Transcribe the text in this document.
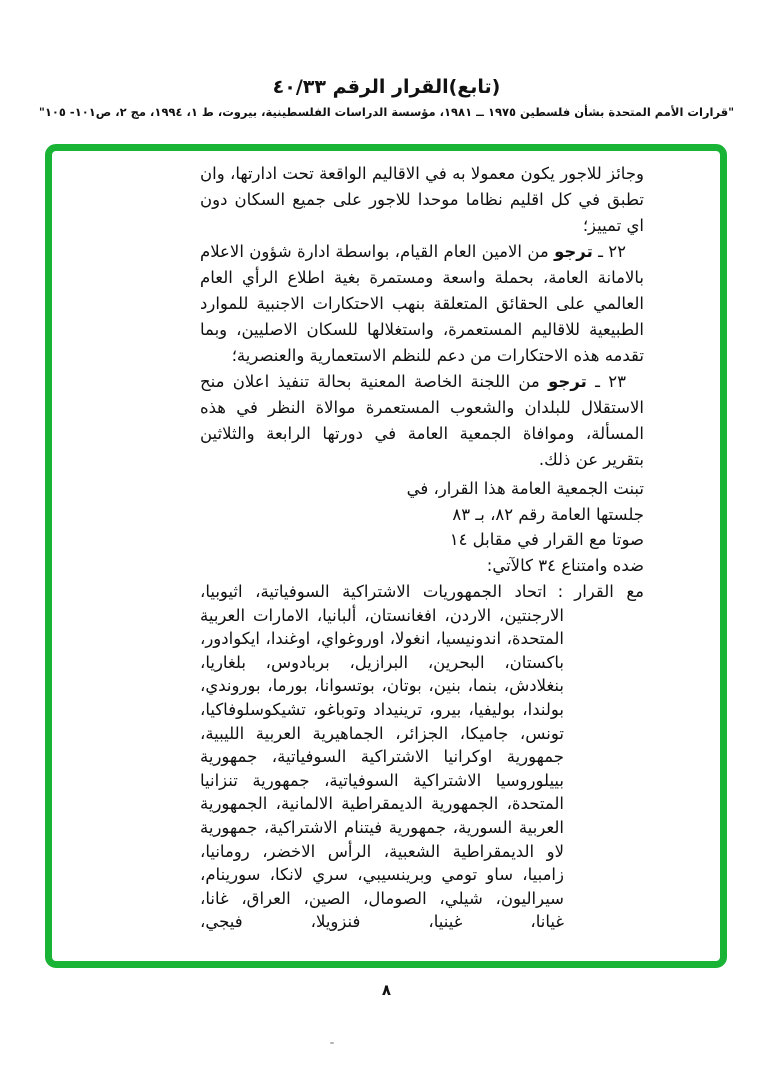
(تابع)القرار الرقم ٤٠/٣٣
"قرارات الأمم المتحدة بشأن فلسطين ١٩٧٥ ــ ١٩٨١، مؤسسة الدراسات الفلسطينية، بيروت، ط ١، ١٩٩٤، مج ٢، ص١٠١- ١٠٥"

وجائز للاجور يكون معمولا به في الاقاليم الواقعة تحت ادارتها، وان تطبق في كل اقليم نظاما موحدا للاجور على جميع السكان دون اي تمييز؛

٢٢ ـ ترجو من الامين العام القيام، بواسطة ادارة شؤون الاعلام بالامانة العامة، بحملة واسعة ومستمرة بغية اطلاع الرأي العام العالمي على الحقائق المتعلقة بنهب الاحتكارات الاجنبية للموارد الطبيعية للاقاليم المستعمرة، واستغلالها للسكان الاصليين، وبما تقدمه هذه الاحتكارات من دعم للنظم الاستعمارية والعنصرية؛

٢٣ ـ ترجو من اللجنة الخاصة المعنية بحالة تنفيذ اعلان منح الاستقلال للبلدان والشعوب المستعمرة موالاة النظر في هذه المسألة، وموافاة الجمعية العامة في دورتها الرابعة والثلاثين بتقرير عن ذلك.

تبنت الجمعية العامة هذا القرار، في
جلستها العامة رقم ٨٢، بـ ٨٣
صوتا مع القرار في مقابل ١٤
ضده وامتناع ٣٤ كالآتي:

مع القرار:اتحاد الجمهوريات الاشتراكية السوفياتية، اثيوبيا، الارجنتين، الاردن، افغانستان، ألبانيا، الامارات العربية المتحدة، اندونيسيا، انغولا، اوروغواي، اوغندا، ايكوادور، باكستان، البحرين، البرازيل، بربادوس، بلغاريا، بنغلادش، بنما، بنين، بوتان، بوتسوانا، بورما، بوروندي، بولندا، بوليفيا، بيرو، ترينيداد وتوباغو، تشيكوسلوفاكيا، تونس، جاميكا، الجزائر، الجماهيرية العربية الليبية، جمهورية اوكرانيا الاشتراكية السوفياتية، جمهورية بييلوروسيا الاشتراكية السوفياتية، جمهورية تنزانيا المتحدة، الجمهورية الديمقراطية الالمانية، الجمهورية العربية السورية، جمهورية فيتنام الاشتراكية، جمهورية لاو الديمقراطية الشعبية، الرأس الاخضر، رومانيا، زامبيا، ساو تومي وبرينسيبي، سري لانكا، سورينام، سيراليون، شيلي، الصومال، الصين، العراق، غانا، غيانا، غينيا، فنزويلا، فيجي،

٨
